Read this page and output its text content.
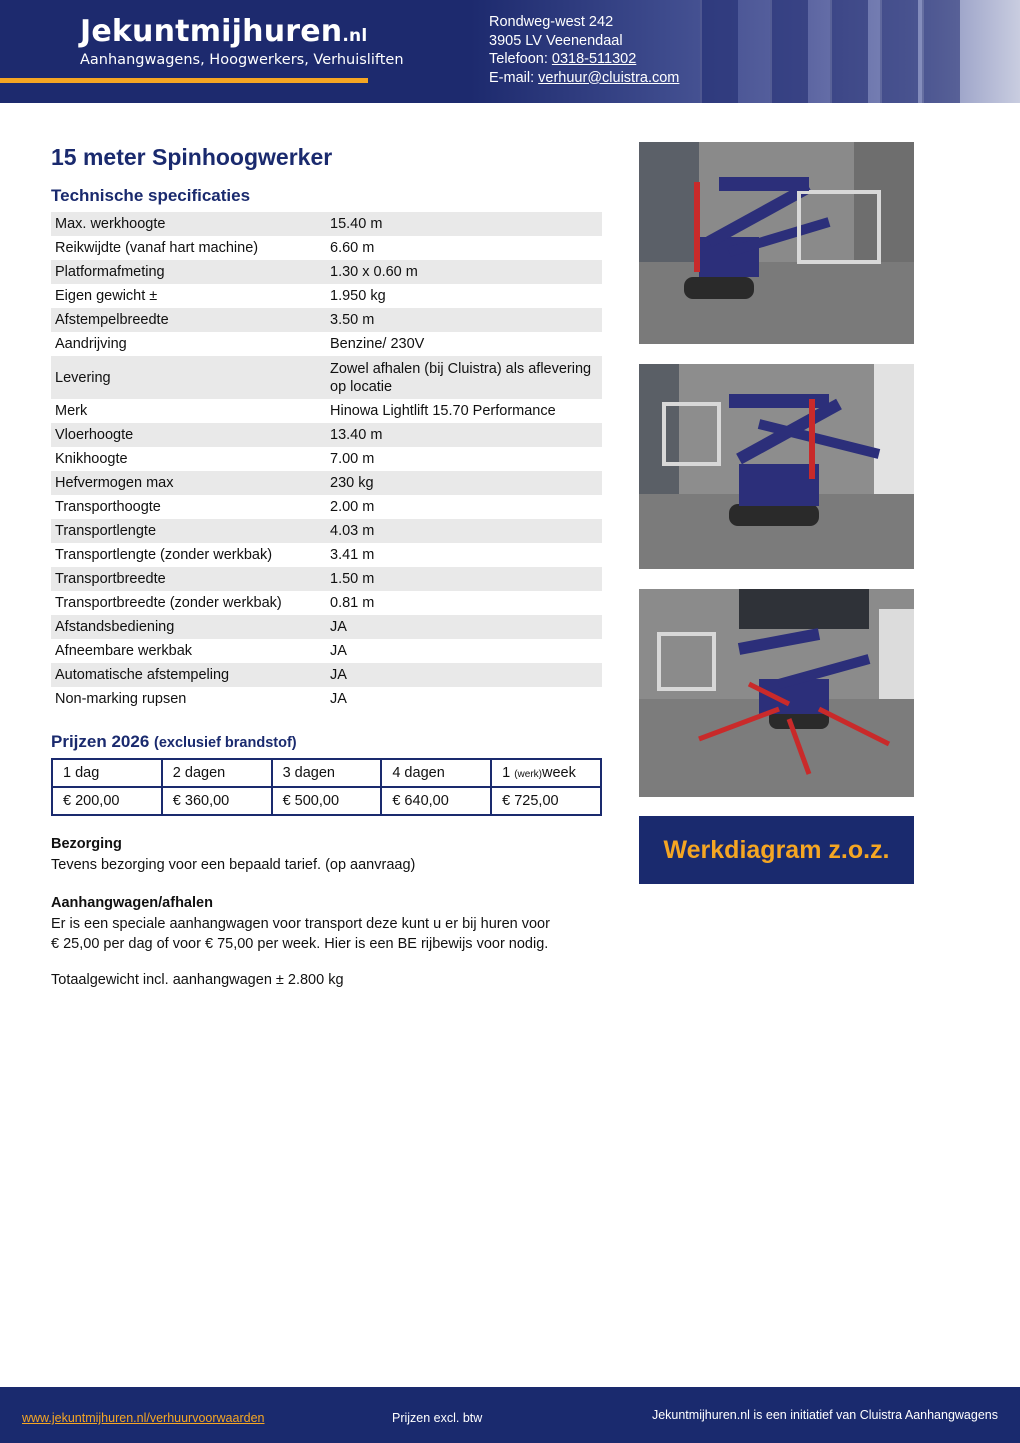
Jekuntmijhuren.nl
Aanhangwagens, Hoogwerkers, Verhuisliften
Rondweg-west 242
3905 LV Veenendaal
Telefoon: 0318-511302
E-mail: verhuur@cluistra.com
15 meter Spinhoogwerker
Technische specificaties
Max. werkhoogte	15.40 m
Reikwijdte (vanaf hart machine)	6.60 m
Platformafmeting	1.30 x 0.60 m
Eigen gewicht ±	1.950 kg
Afstempelbreedte	3.50 m
Aandrijving	Benzine/ 230V
Levering	Zowel afhalen (bij Cluistra) als aflevering op locatie
Merk	Hinowa Lightlift 15.70 Performance
Vloerhoogte	13.40 m
Knikhoogte	7.00 m
Hefvermogen max	230 kg
Transporthoogte	2.00 m
Transportlengte	4.03 m
Transportlengte (zonder werkbak)	3.41 m
Transportbreedte	1.50 m
Transportbreedte (zonder werkbak)	0.81 m
Afstandsbediening	JA
Afneembare werkbak	JA
Automatische afstempeling	JA
Non-marking rupsen	JA
Prijzen 2026 (exclusief brandstof)
1 dag	2 dagen	3 dagen	4 dagen	1 (werk)week
€ 200,00	€ 360,00	€ 500,00	€ 640,00	€ 725,00
Bezorging
Tevens bezorging voor een bepaald tarief. (op aanvraag)
Aanhangwagen/afhalen
Er is een speciale aanhangwagen voor transport deze kunt u er bij huren voor
€ 25,00 per dag of voor € 75,00 per week. Hier is een BE rijbewijs voor nodig.
Totaalgewicht incl. aanhangwagen ± 2.800 kg
Werkdiagram z.o.z.
www.jekuntmijhuren.nl/verhuurvoorwaarden	Prijzen excl. btw	Jekuntmijhuren.nl is een initiatief van Cluistra Aanhangwagens
